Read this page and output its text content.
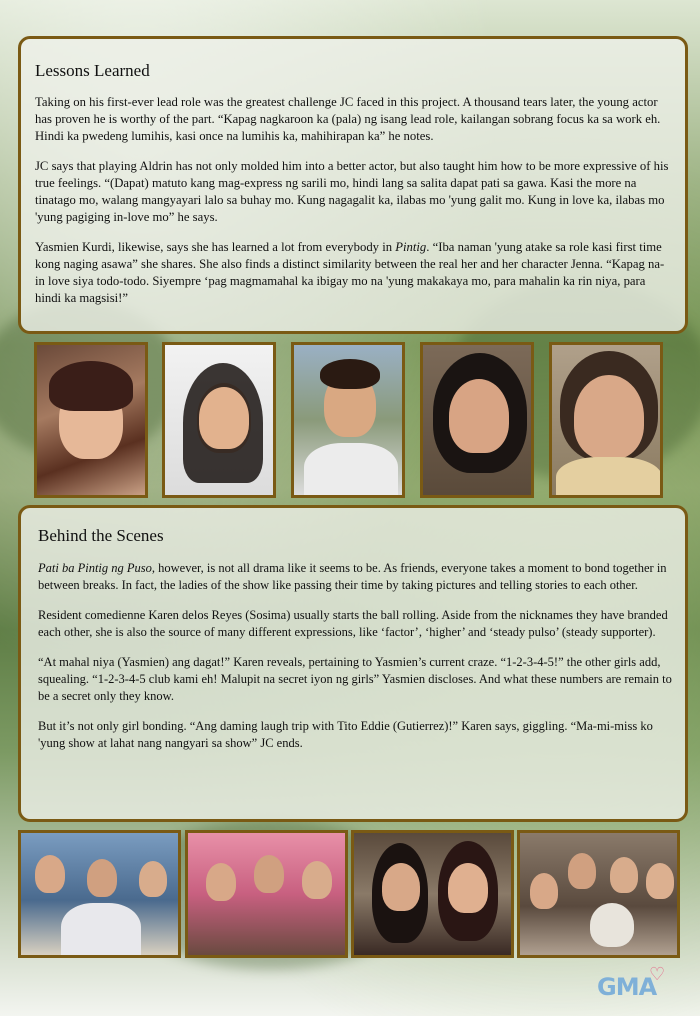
Lessons Learned

Taking on his first-ever lead role was the greatest challenge JC faced in this project. A thousand tears later, the young actor has proven he is worthy of the part. “Kapag nagkaroon ka (pala) ng isang lead role, kailangan sobrang focus ka sa work eh. Hindi ka pwedeng lumihis, kasi once na lumihis ka, mahihirapan ka” he notes.

JC says that playing Aldrin has not only molded him into a better actor, but also taught him how to be more expressive of his true feelings. “(Dapat) matuto kang mag-express ng sarili mo, hindi lang sa salita dapat pati sa gawa. Kasi the more na tinatago mo, walang mangyayari lalo sa buhay mo. Kung nagagalit ka, ilabas mo 'yung galit mo. Kung in love ka, ilabas mo 'yung pagiging in-love mo” he says.

Yasmien Kurdi, likewise, says she has learned a lot from everybody in Pintig. “Iba naman 'yung atake sa role kasi first time kong naging asawa” she shares. She also finds a distinct similarity between the real her and her character Jenna. “Kapag na-in love siya todo-todo. Siyempre ‘pag magmamahal ka ibigay mo na 'yung makakaya mo, para mahalin ka rin niya, para hindi ka magsisi!”

Behind the Scenes

Pati ba Pintig ng Puso, however, is not all drama like it seems to be. As friends, everyone takes a moment to bond together in between breaks. In fact, the ladies of the show like passing their time by taking pictures and telling stories to each other.

Resident comedienne Karen delos Reyes (Sosima) usually starts the ball rolling. Aside from the nicknames they have branded each other, she is also the source of many different expressions, like ‘factor’, ‘higher’ and ‘steady pulso’ (steady supporter).

“At mahal niya (Yasmien) ang dagat!” Karen reveals, pertaining to Yasmien’s current craze. “1-2-3-4-5!” the other girls add, squealing. “1-2-3-4-5 club kami eh! Malupit na secret iyon ng girls” Yasmien discloses. And what these numbers are remain to be a secret only they know.

But it’s not only girl bonding. “Ang daming laugh trip with Tito Eddie (Gutierrez)!” Karen says, giggling. “Ma-mi-miss ko 'yung show at lahat nang nangyari sa show” JC ends.

GMA
♡
